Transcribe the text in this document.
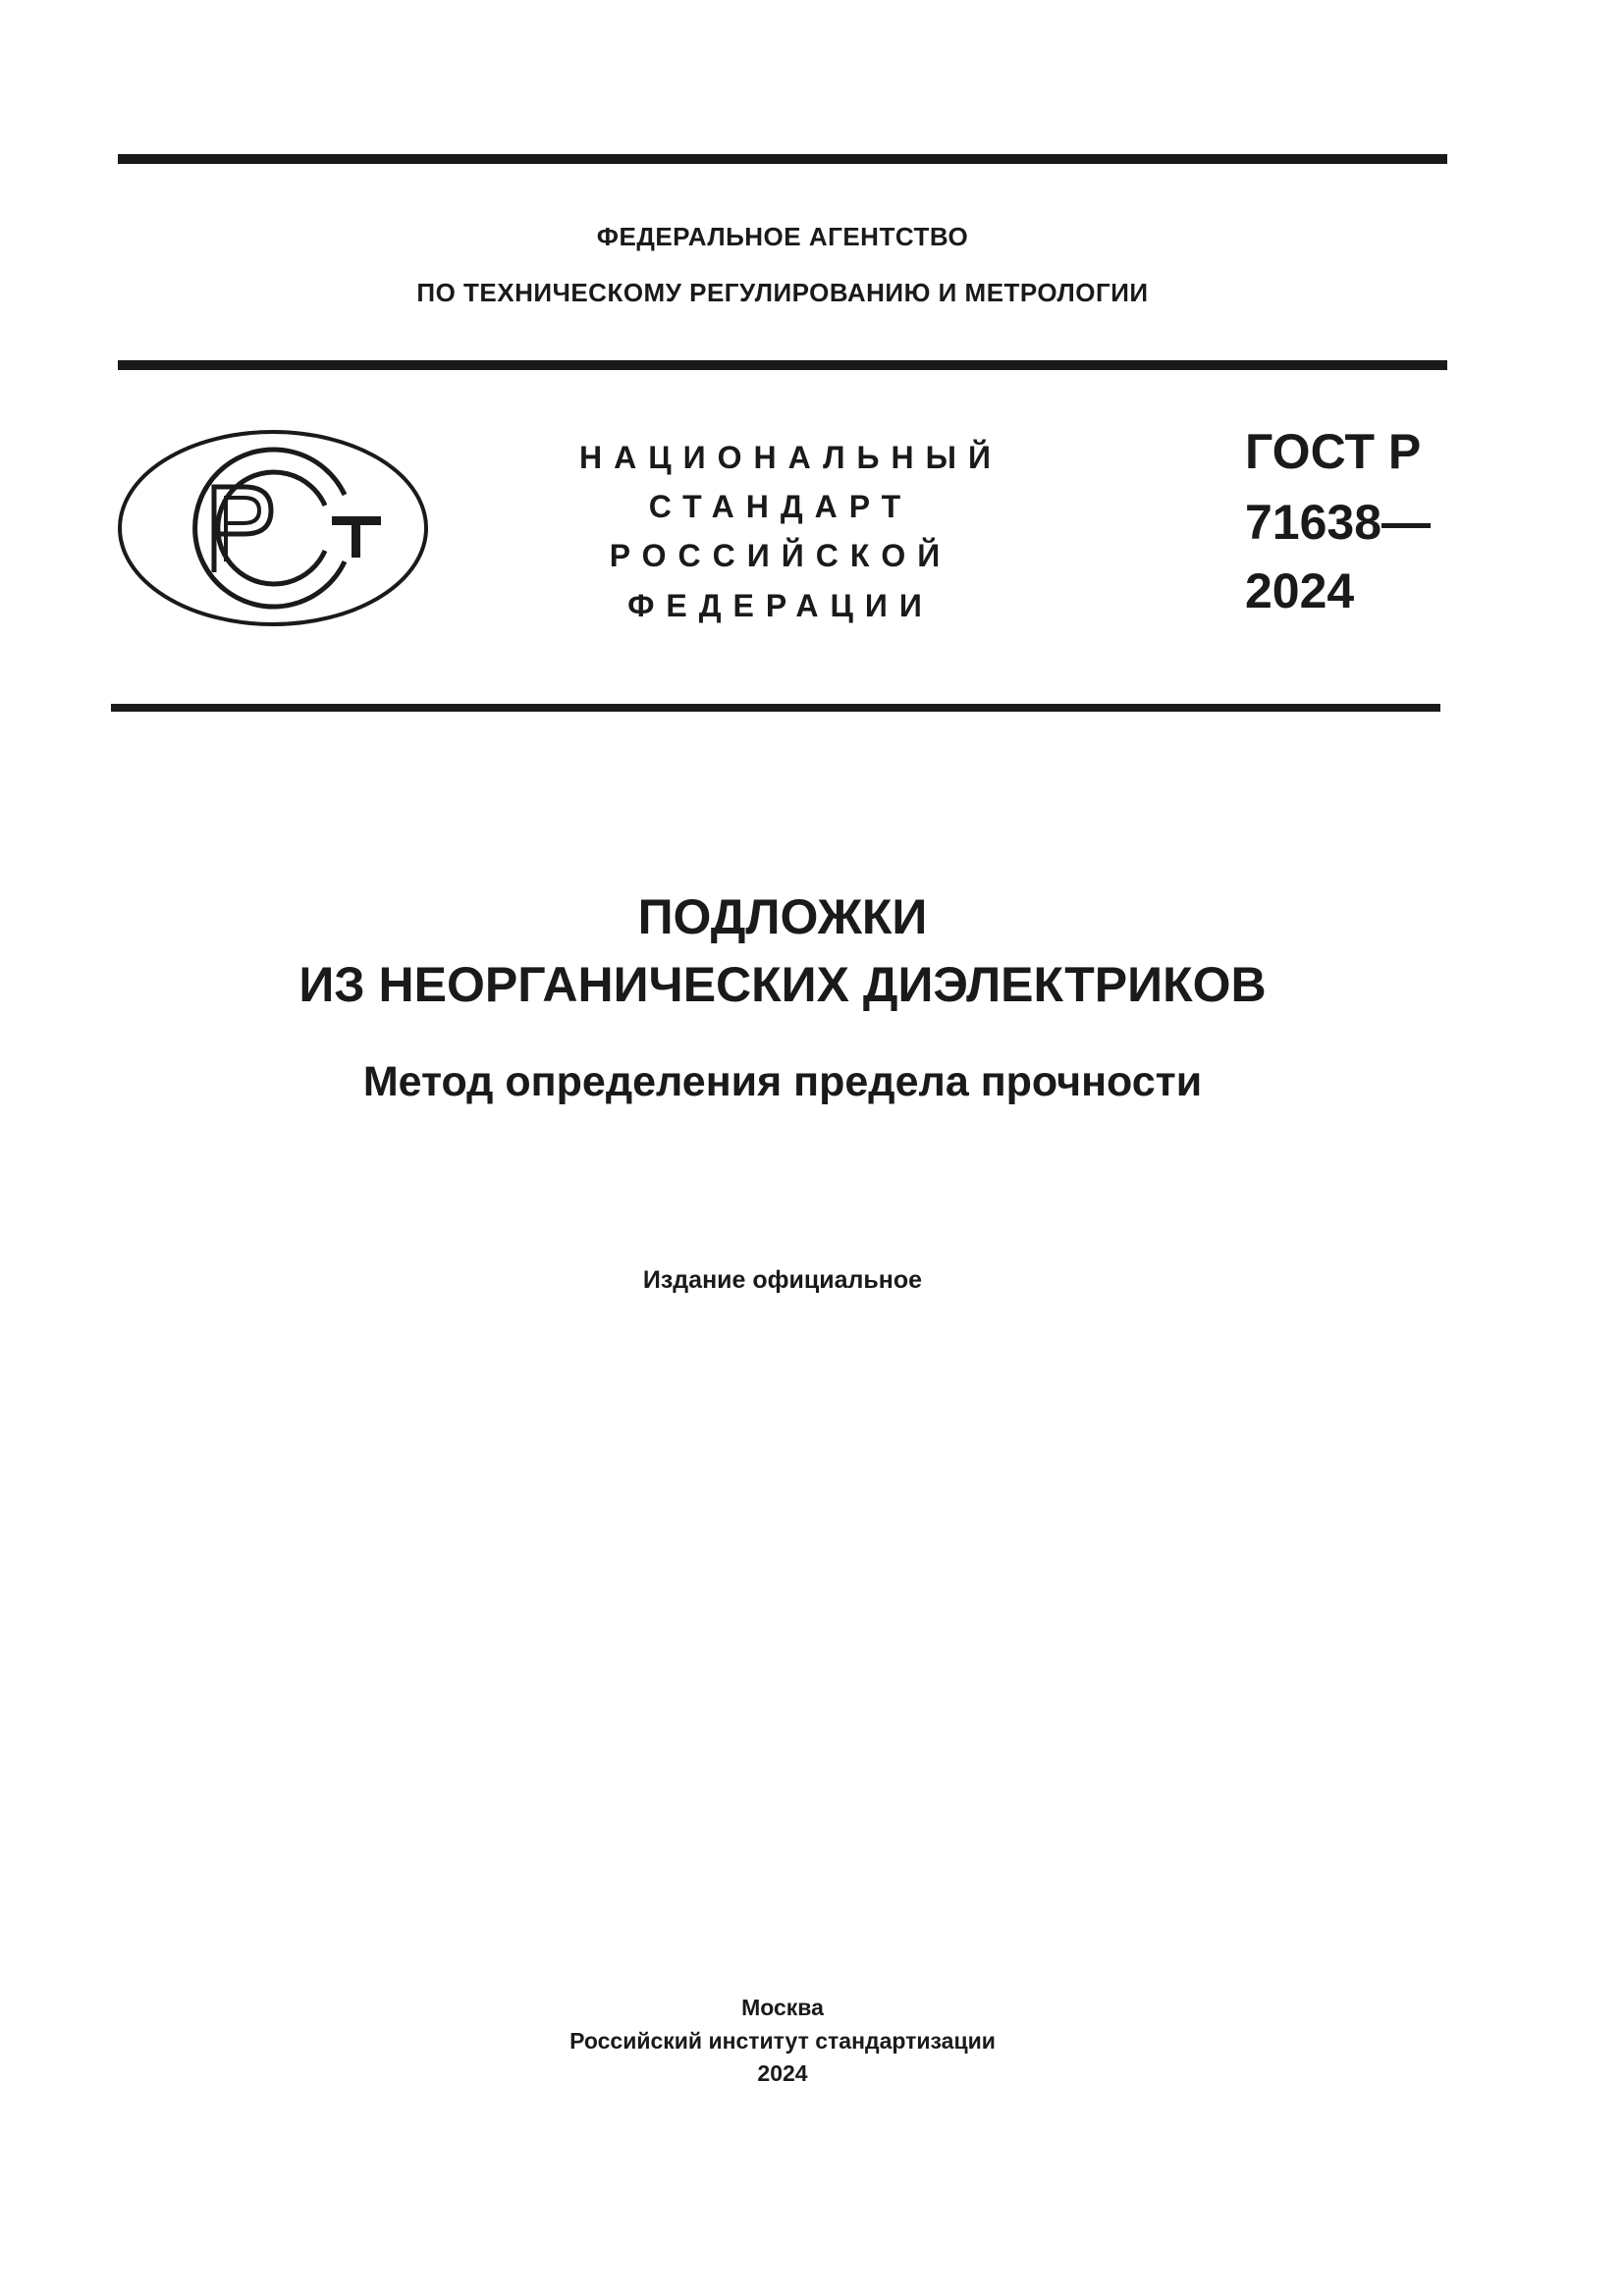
ФЕДЕРАЛЬНОЕ АГЕНТСТВО
ПО ТЕХНИЧЕСКОМУ РЕГУЛИРОВАНИЮ И МЕТРОЛОГИИ
НАЦИОНАЛЬНЫЙ
СТАНДАРТ
РОССИЙСКОЙ
ФЕДЕРАЦИИ
ГОСТ Р
71638—
2024
ПОДЛОЖКИ
ИЗ НЕОРГАНИЧЕСКИХ ДИЭЛЕКТРИКОВ
Метод определения предела прочности
Издание официальное
Москва
Российский институт стандартизации
2024
